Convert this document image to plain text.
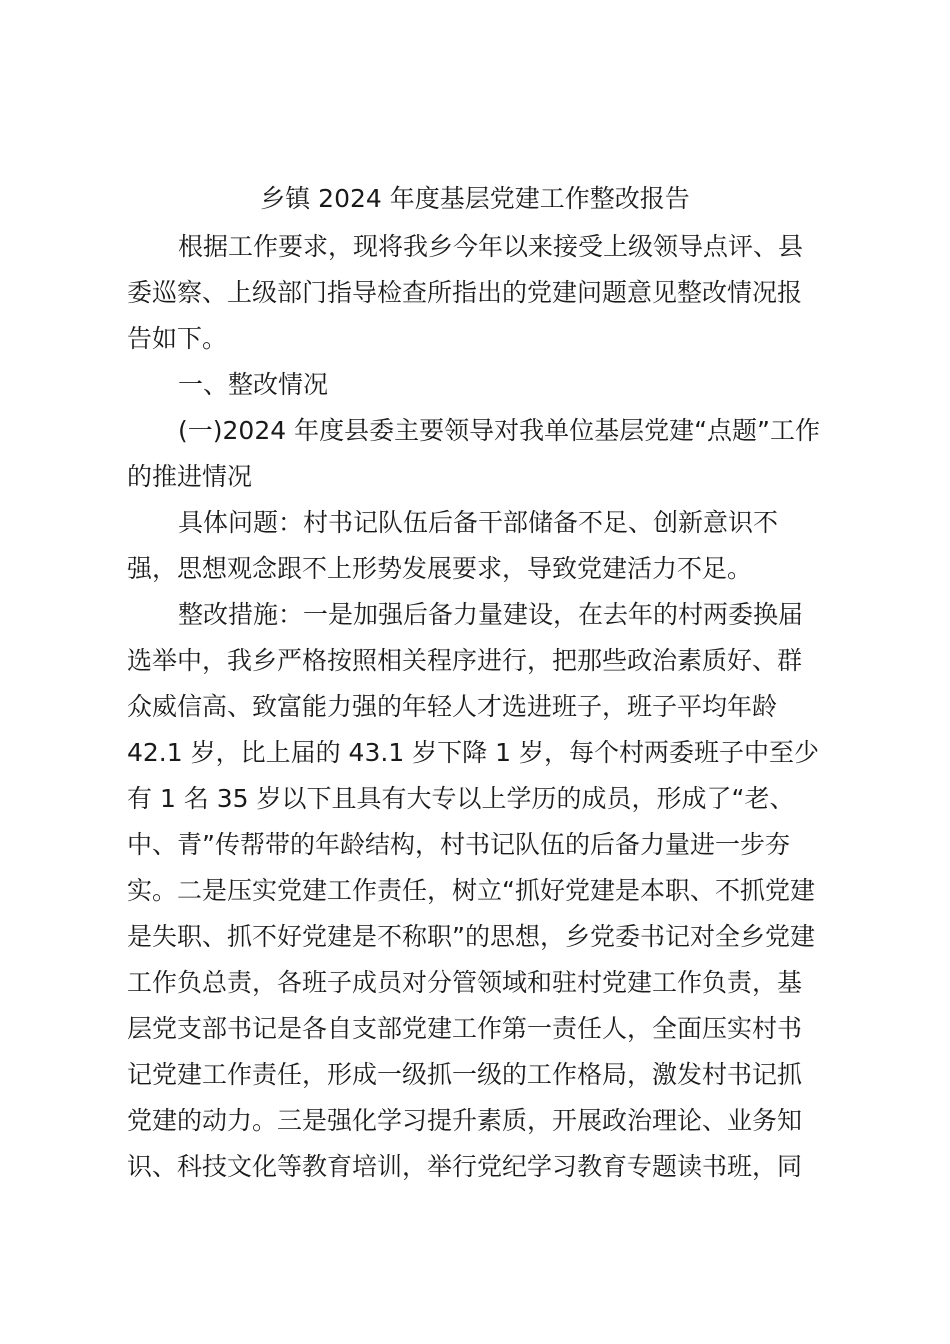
乡镇 2024 年度基层党建工作整改报告

根据工作要求，现将我乡今年以来接受上级领导点评、县

委巡察、上级部门指导检查所指出的党建问题意见整改情况报

告如下。

一、整改情况

(一)2024 年度县委主要领导对我单位基层党建“点题”工作

的推进情况

具体问题：村书记队伍后备干部储备不足、创新意识不

强，思想观念跟不上形势发展要求，导致党建活力不足。

整改措施：一是加强后备力量建设，在去年的村两委换届

选举中，我乡严格按照相关程序进行，把那些政治素质好、群

众威信高、致富能力强的年轻人才选进班子，班子平均年龄

42.1 岁，比上届的 43.1 岁下降 1 岁，每个村两委班子中至少

有 1 名 35 岁以下且具有大专以上学历的成员，形成了“老、

中、青”传帮带的年龄结构，村书记队伍的后备力量进一步夯

实。二是压实党建工作责任，树立“抓好党建是本职、不抓党建

是失职、抓不好党建是不称职”的思想，乡党委书记对全乡党建

工作负总责，各班子成员对分管领域和驻村党建工作负责，基

层党支部书记是各自支部党建工作第一责任人，全面压实村书

记党建工作责任，形成一级抓一级的工作格局，激发村书记抓

党建的动力。三是强化学习提升素质，开展政治理论、业务知

识、科技文化等教育培训，举行党纪学习教育专题读书班，同
